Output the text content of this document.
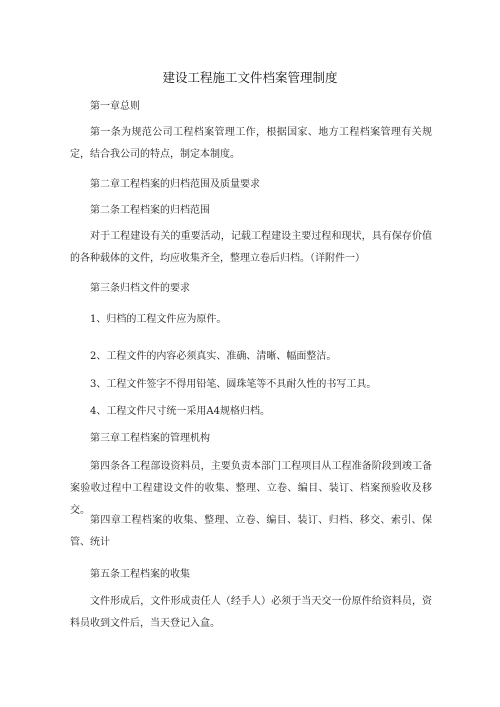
建设工程施工文件档案管理制度

第一章总则

第一条为规范公司工程档案管理工作，根据国家、地方工程档案管理有关规定，结合我公司的特点，制定本制度。

第二章工程档案的归档范围及质量要求

第二条工程档案的归档范围

对于工程建设有关的重要活动，记载工程建设主要过程和现状，具有保存价值的各种载体的文件，均应收集齐全，整理立卷后归档。（详附件一）

第三条归档文件的要求

1、归档的工程文件应为原件。

2、工程文件的内容必须真实、准确、清晰、幅面整洁。

3、工程文件签字不得用铅笔、圆珠笔等不具耐久性的书写工具。

4、工程文件尺寸统一采用A4规格归档。

第三章工程档案的管理机构

第四条各工程部设资料员，主要负责本部门工程项目从工程准备阶段到竣工备案验收过程中工程建设文件的收集、整理、立卷、编目、装订、档案预验收及移交。

第四章工程档案的收集、整理、立卷、编目、装订、归档、移交、索引、保管、统计

第五条工程档案的收集

文件形成后，文件形成责任人（经手人）必须于当天交一份原件给资料员，资料员收到文件后，当天登记入盒。
